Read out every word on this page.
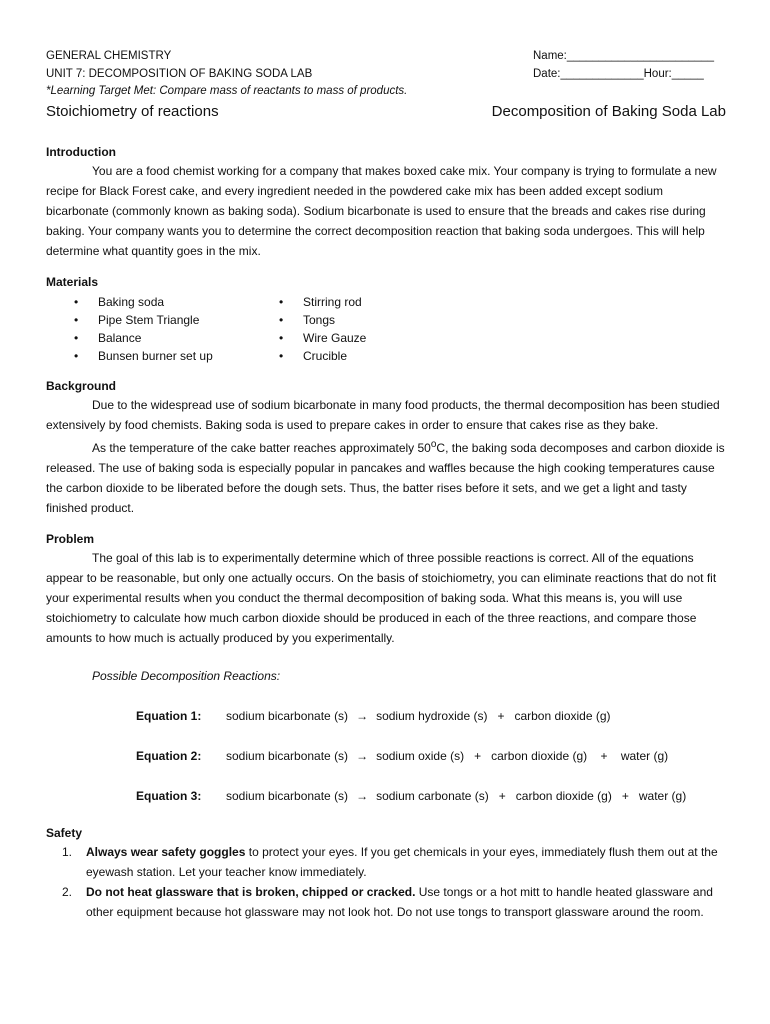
GENERAL CHEMISTRY
UNIT 7: DECOMPOSITION OF BAKING SODA LAB
*Learning Target Met: Compare mass of reactants to mass of products.
Name:_______________________
Date:_____________Hour:_____
Stoichiometry of reactions	Decomposition of Baking Soda Lab
Introduction

You are a food chemist working for a company that makes boxed cake mix. Your company is trying to formulate a new recipe for Black Forest cake, and every ingredient needed in the powdered cake mix has been added except sodium bicarbonate (commonly known as baking soda). Sodium bicarbonate is used to ensure that the breads and cakes rise during baking. Your company wants you to determine the correct decomposition reaction that baking soda undergoes. This will help determine what quantity goes in the mix.

Materials
• Baking soda
• Pipe Stem Triangle
• Balance
• Bunsen burner set up
• Stirring rod
• Tongs
• Wire Gauze
• Crucible
Background

Due to the widespread use of sodium bicarbonate in many food products, the thermal decomposition has been studied extensively by food chemists. Baking soda is used to prepare cakes in order to ensure that cakes rise as they bake.

As the temperature of the cake batter reaches approximately 50$^o$C, the baking soda decomposes and carbon dioxide is released. The use of baking soda is especially popular in pancakes and waffles because the high cooking temperatures cause the carbon dioxide to be liberated before the dough sets. Thus, the batter rises before it sets, and we get a light and tasty finished product.

Problem

The goal of this lab is to experimentally determine which of three possible reactions is correct. All of the equations appear to be reasonable, but only one actually occurs. On the basis of stoichiometry, you can eliminate reactions that do not fit your experimental results when you conduct the thermal decomposition of baking soda. What this means is, you will use stoichiometry to calculate how much carbon dioxide should be produced in each of the three reactions, and compare those amounts to how much is actually produced by you experimentally.

Possible Decomposition Reactions:

Equation 1:	sodium bicarbonate (s) → sodium hydroxide (s)   +   carbon dioxide (g)
Equation 2:	sodium bicarbonate (s) → sodium oxide (s)   +   carbon dioxide (g)    +    water (g)
Equation 3:	sodium bicarbonate (s) → sodium carbonate (s)   +   carbon dioxide (g)   +   water (g)
Safety
1. Always wear safety goggles to protect your eyes. If you get chemicals in your eyes, immediately flush them out at the eyewash station. Let your teacher know immediately.
2. Do not heat glassware that is broken, chipped or cracked. Use tongs or a hot mitt to handle heated glassware and other equipment because hot glassware may not look hot. Do not use tongs to transport glassware around the room.
